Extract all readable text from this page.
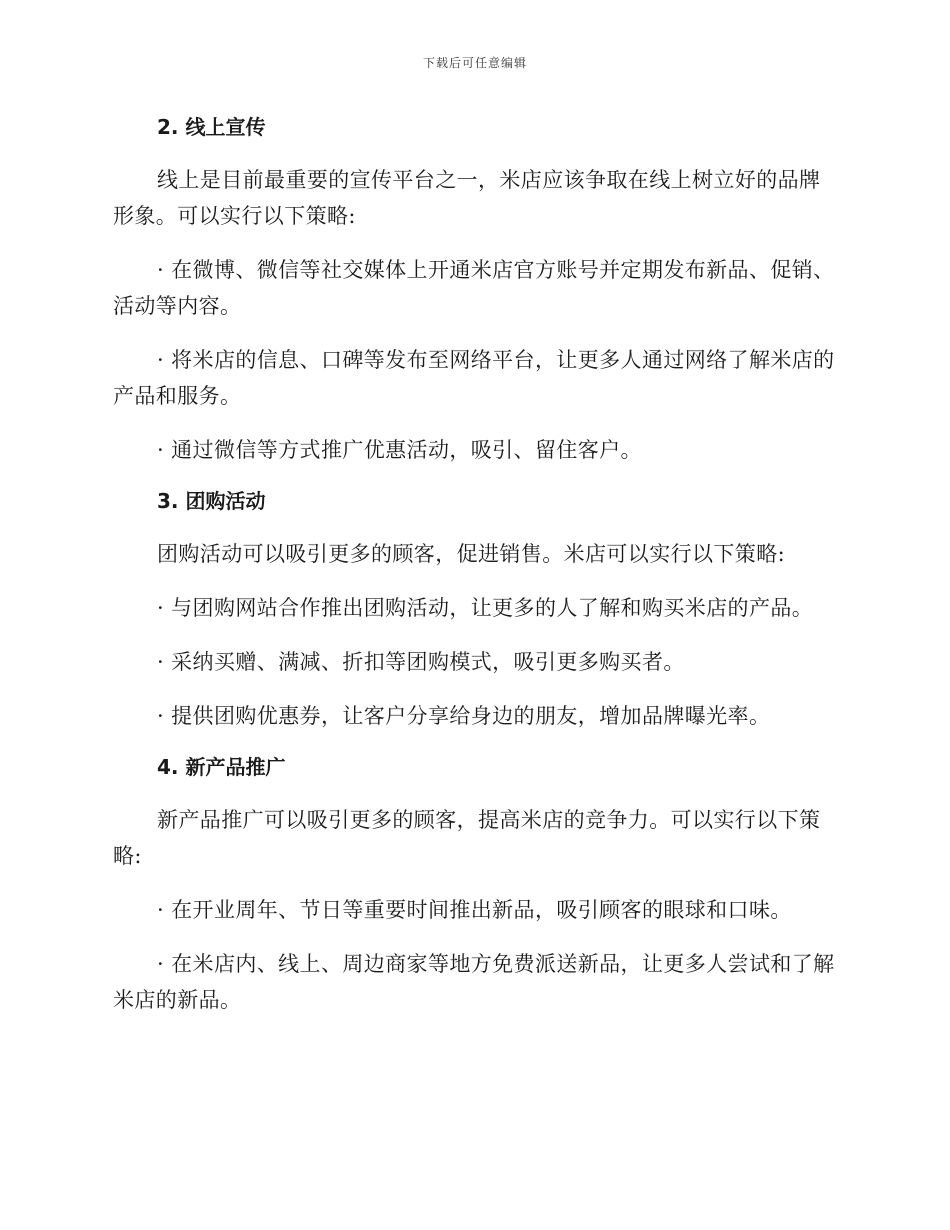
下载后可任意编辑
2. 线上宣传
线上是目前最重要的宣传平台之一，米店应该争取在线上树立好的品牌形象。可以实行以下策略:
· 在微博、微信等社交媒体上开通米店官方账号并定期发布新品、促销、活动等内容。
· 将米店的信息、口碑等发布至网络平台，让更多人通过网络了解米店的产品和服务。
· 通过微信等方式推广优惠活动，吸引、留住客户。
3. 团购活动
团购活动可以吸引更多的顾客，促进销售。米店可以实行以下策略:
· 与团购网站合作推出团购活动，让更多的人了解和购买米店的产品。
· 采纳买赠、满减、折扣等团购模式，吸引更多购买者。
· 提供团购优惠券，让客户分享给身边的朋友，增加品牌曝光率。
4. 新产品推广
新产品推广可以吸引更多的顾客，提高米店的竞争力。可以实行以下策略:
· 在开业周年、节日等重要时间推出新品，吸引顾客的眼球和口味。
· 在米店内、线上、周边商家等地方免费派送新品，让更多人尝试和了解米店的新品。
